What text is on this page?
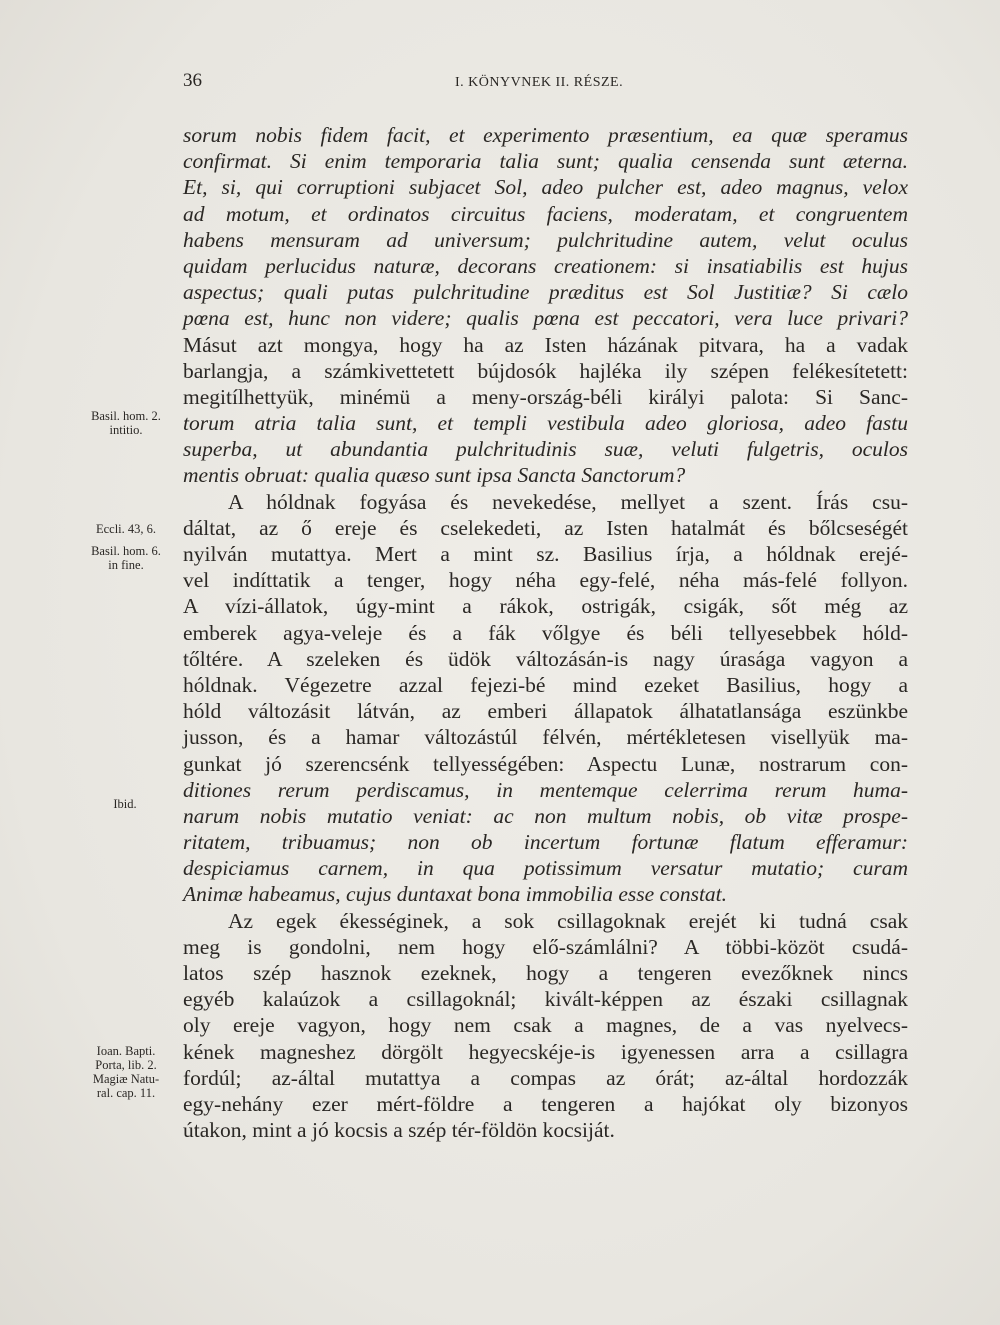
36	I. KÖNYVNEK II. RÉSZE.
sorum nobis fidem facit, et experimento præsentium, ea quæ speramus
confirmat. Si enim temporaria talia sunt; qualia censenda sunt æterna.
Et, si, qui corruptioni subjacet Sol, adeo pulcher est, adeo magnus, velox
ad motum, et ordinatos circuitus faciens, moderatam, et congruentem
habens mensuram ad universum; pulchritudine autem, velut oculus
quidam perlucidus naturæ, decorans creationem: si insatiabilis est hujus
aspectus; quali putas pulchritudine præditus est Sol Justitiæ? Si cælo
pœna est, hunc non videre; qualis pœna est peccatori, vera luce privari?
Másut azt mongya, hogy ha az Isten házának pitvara, ha a vadak
barlangja, a számkivettetett bújdosók hajléka ily szépen felékesítetett:
megitílhettyük, minémü a meny-ország-béli királyi palota: Si Sanc-
torum atria talia sunt, et templi vestibula adeo gloriosa, adeo fastu
superba, ut abundantia pulchritudinis suæ, veluti fulgetris, oculos
mentis obruat: qualia quæso sunt ipsa Sancta Sanctorum?
A hóldnak fogyása és nevekedése, mellyet a szent. Írás csu-
dáltat, az ő ereje és cselekedeti, az Isten hatalmát és bőlcseségét
nyilván mutattya. Mert a mint sz. Basilius írja, a hóldnak erejé-
vel indíttatik a tenger, hogy néha egy-felé, néha más-felé follyon.
A vízi-állatok, úgy-mint a rákok, ostrigák, csigák, sőt még az
emberek agya-veleje és a fák vőlgye és béli tellyesebbek hóld-
tőltére. A szeleken és üdök változásán-is nagy úrasága vagyon a
hóldnak. Végezetre azzal fejezi-bé mind ezeket Basilius, hogy a
hóld változásit látván, az emberi állapatok álhatatlansága eszünkbe
jusson, és a hamar változástúl félvén, mértékletesen visellyük ma-
gunkat jó szerencsénk tellyességében: Aspectu Lunæ, nostrarum con-
ditiones rerum perdiscamus, in mentemque celerrima rerum huma-
narum nobis mutatio veniat: ac non multum nobis, ob vitæ prospe-
ritatem, tribuamus; non ob incertum fortunæ flatum efferamur:
despiciamus carnem, in qua potissimum versatur mutatio; curam
Animæ habeamus, cujus duntaxat bona immobilia esse constat.
Az egek ékességinek, a sok csillagoknak erejét ki tudná csak
meg is gondolni, nem hogy elő-számlálni? A többi-közöt csudá-
latos szép hasznok ezeknek, hogy a tengeren evezőknek nincs
egyéb kalaúzok a csillagoknál; kivált-képpen az északi csillagnak
oly ereje vagyon, hogy nem csak a magnes, de a vas nyelvecs-
kének magneshez dörgölt hegyecskéje-is igyenessen arra a csillagra
fordúl; az-által mutattya a compas az órát; az-által hordozzák
egy-nehány ezer mért-földre a tengeren a hajókat oly bizonyos
útakon, mint a jó kocsis a szép tér-földön kocsiját.
Basil. hom. 2.
intitio.
Eccli. 43, 6.
Basil. hom. 6.
in fine.
Ibid.
Ioan. Bapti.
Porta, lib. 2.
Magiæ Natu-
ral. cap. 11.
